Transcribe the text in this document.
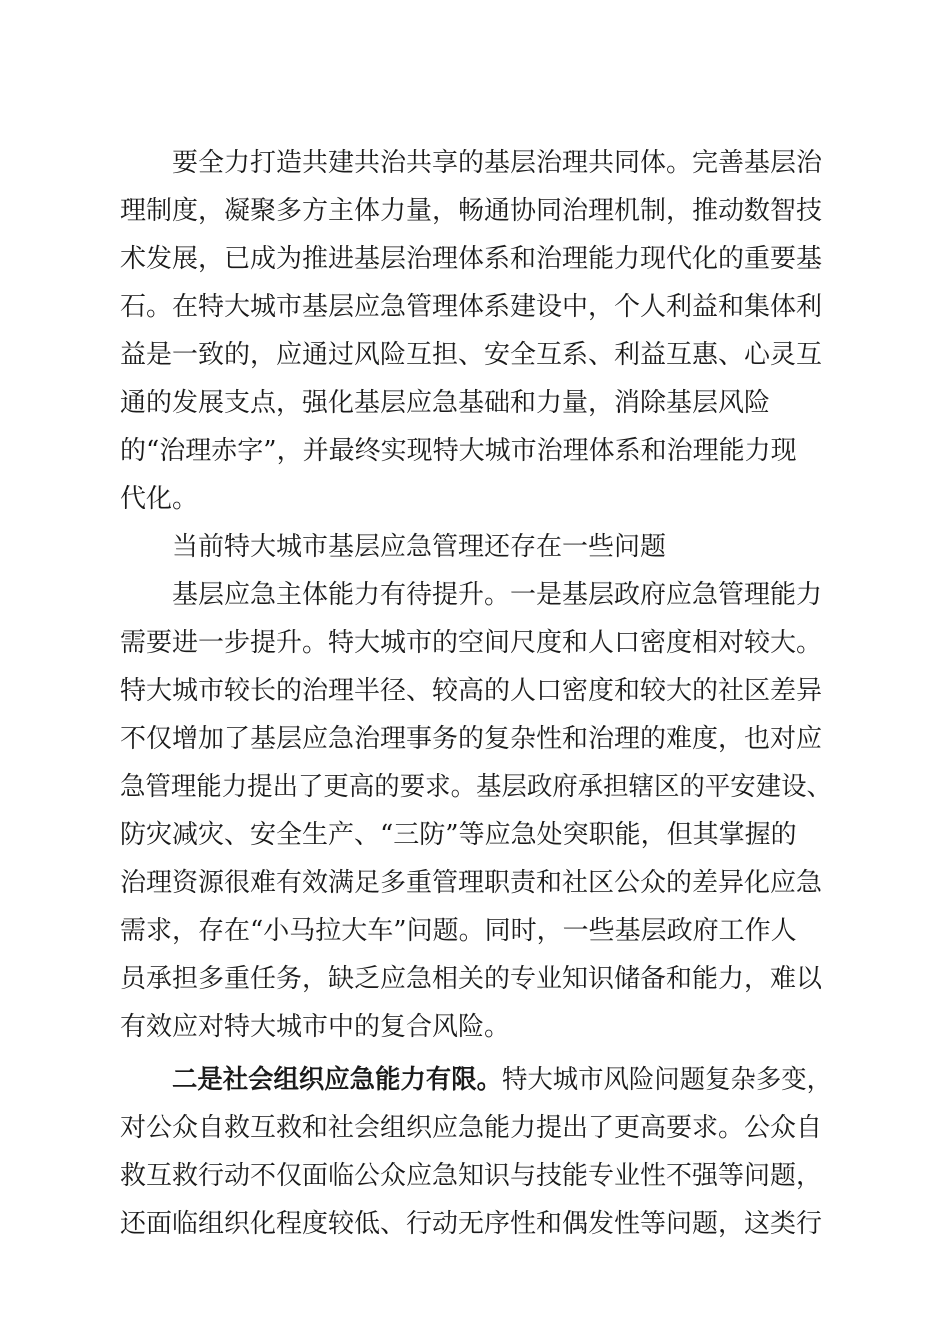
要全力打造共建共治共享的基层治理共同体。完善基层治
理制度，凝聚多方主体力量，畅通协同治理机制，推动数智技
术发展，已成为推进基层治理体系和治理能力现代化的重要基
石。在特大城市基层应急管理体系建设中，个人利益和集体利
益是一致的，应通过风险互担、安全互系、利益互惠、心灵互
通的发展支点，强化基层应急基础和力量，消除基层风险
的“治理赤字”，并最终实现特大城市治理体系和治理能力现
代化。
当前特大城市基层应急管理还存在一些问题
基层应急主体能力有待提升。一是基层政府应急管理能力
需要进一步提升。特大城市的空间尺度和人口密度相对较大。
特大城市较长的治理半径、较高的人口密度和较大的社区差异
不仅增加了基层应急治理事务的复杂性和治理的难度，也对应
急管理能力提出了更高的要求。基层政府承担辖区的平安建设、
防灾减灾、安全生产、“三防”等应急处突职能，但其掌握的
治理资源很难有效满足多重管理职责和社区公众的差异化应急
需求，存在“小马拉大车”问题。同时，一些基层政府工作人
员承担多重任务，缺乏应急相关的专业知识储备和能力，难以
有效应对特大城市中的复合风险。
二是社会组织应急能力有限。特大城市风险问题复杂多变，
对公众自救互救和社会组织应急能力提出了更高要求。公众自
救互救行动不仅面临公众应急知识与技能专业性不强等问题，
还面临组织化程度较低、行动无序性和偶发性等问题，这类行
